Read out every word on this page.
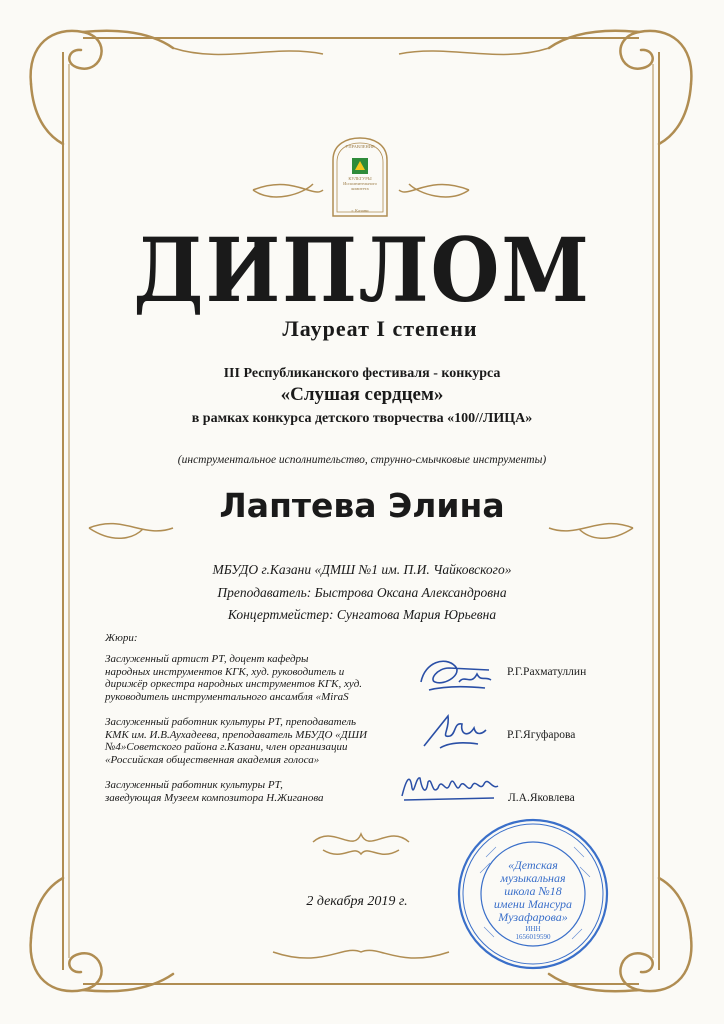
УПРАВЛЕНИЕ
КУЛЬТУРЫ
Исполнительного
комитета
г. Казани
ДИПЛОМ
Лауреат I степени
III Республиканского фестиваля - конкурса
«Слушая сердцем»
в рамках конкурса детского творчества «100//ЛИЦА»
(инструментальное исполнительство, струнно-смычковые инструменты)
Лаптева Элина
МБУДО г.Казани «ДМШ №1 им. П.И. Чайковского»
Преподаватель: Быстрова Оксана Александровна
Концертмейстер: Сунгатова Мария Юрьевна
Жюри:
Заслуженный артист РТ, доцент кафедры
народных инструментов КГК, худ. руководитель и
дирижёр оркестра народных инструментов КГК, худ.
руководитель инструментального ансамбля «MiraS
Р.Г.Рахматуллин
Заслуженный работник культуры РТ, преподаватель
КМК им. И.В.Аухадеева, преподаватель МБУДО «ДШИ
№4»Советского района г.Казани, член организации
«Российская общественная академия голоса»
Р.Г.Ягуфарова
Заслуженный работник культуры РТ,
заведующая Музеем композитора Н.Жиганова	Л.А.Яковлева
2 декабря 2019 г.
«Детская
музыкальная
школа №18
имени Мансура
Музафарова»
ИНН
1656019590
